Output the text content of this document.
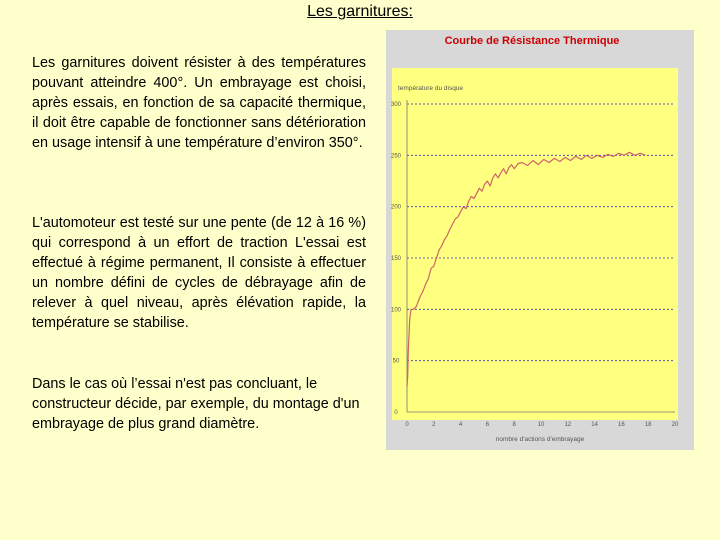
Les garnitures:

Les garnitures doivent résister à des températures pouvant atteindre 400°. Un embrayage est choisi, après essais, en fonction de sa capacité thermique, il doit être capable de fonctionner sans détérioration en usage intensif à une température d’environ 350°.

L'automoteur est testé sur une pente (de 12 à 16 %) qui correspond à un effort de traction L'essai est effectué à régime permanent, Il consiste à effectuer un nombre défini de cycles de débrayage afin de relever à quel niveau, après élévation rapide, la température se stabilise.

Dans le cas où l’essai n'est pas concluant, le constructeur décide, par exemple, du montage d'un embrayage de plus grand diamètre.

Courbe de Résistance Thermique
température du disque
nombre d'actions d'embrayage
0
50
100
150
200
250
300
0	2	4	6	8	10	12	14	16	18	20
